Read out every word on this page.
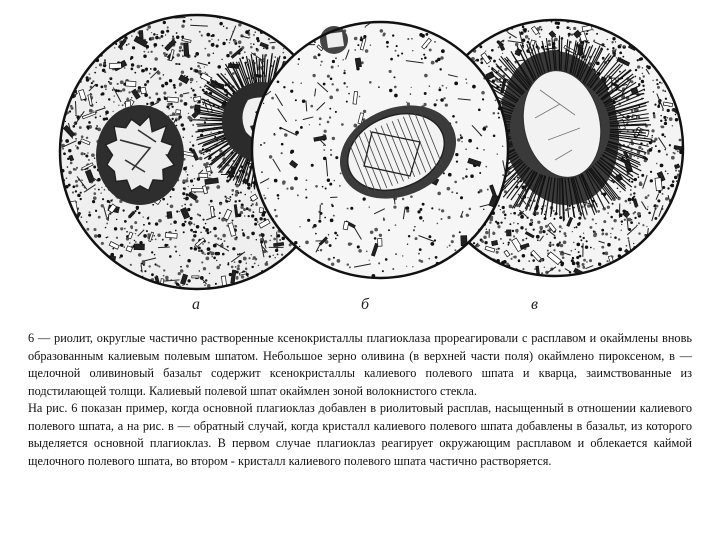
а	б	в

6 — риолит, округлые частично растворенные ксенокристаллы плагиоклаза прореагировали с расплавом и окаймлены вновь образованным калиевым полевым шпатом. Небольшое зерно оливина (в верхней части поля) окаймлено пироксеном, в — щелочной оливиновый базальт содержит ксенокристаллы калиевого полевого шпата и кварца, заимствованные из подстилающей толщи. Калиевый полевой шпат окаймлен зоной волокнистого стекла.

На рис. 6 показан пример, когда основной плагиоклаз добавлен в риолитовый расплав, насыщенный в отношении калиевого полевого шпата, а на рис. в — обратный случай, когда кристалл калиевого полевого шпата добавлены в базальт, из которого выделяется основной плагиоклаз. В первом случае плагиоклаз реагирует окружающим расплавом и облекается каймой щелочного полевого шпата, во втором - кристалл калиевого полевого шпата частично растворяется.
